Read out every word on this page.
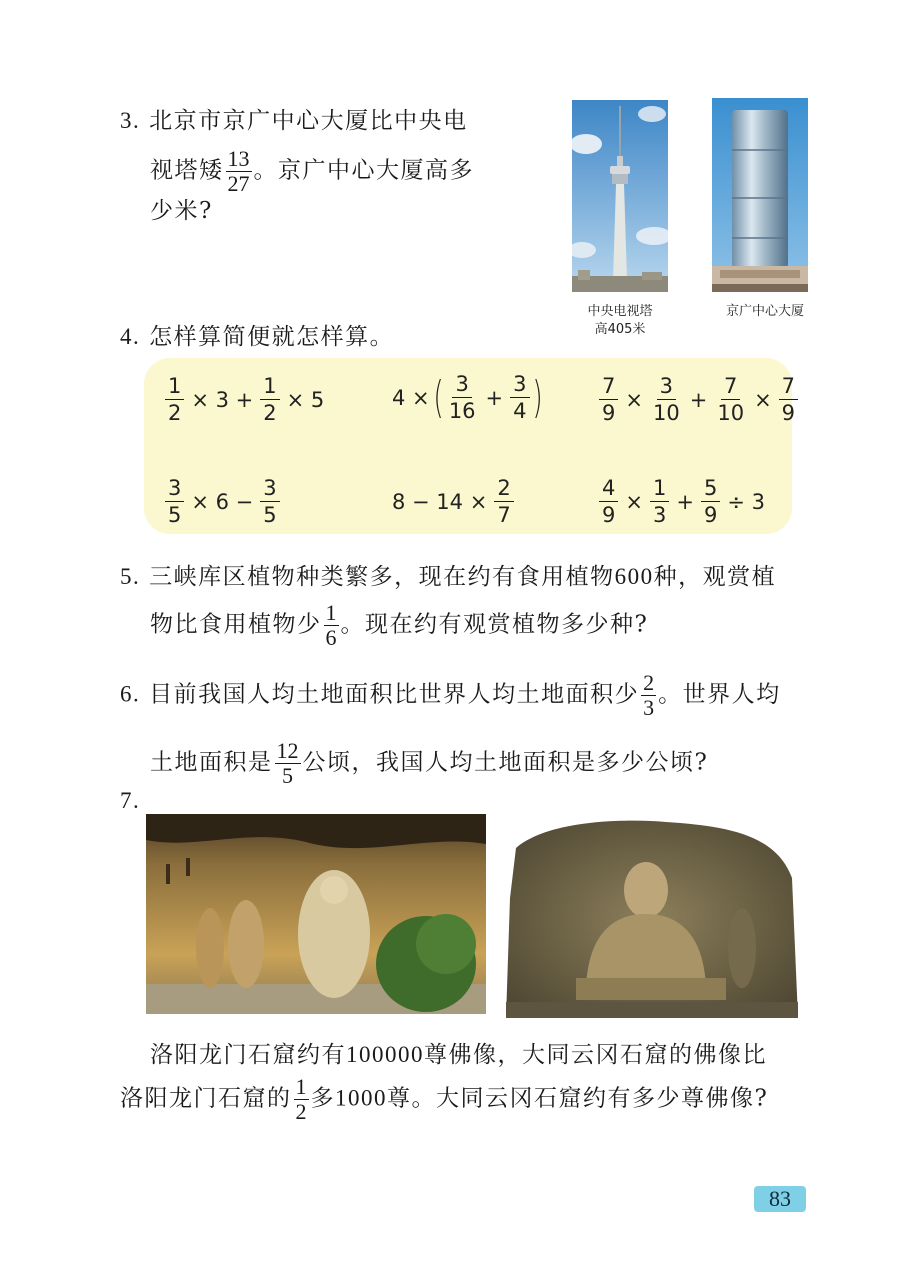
3. 北京市京广中心大厦比中央电
视塔矮 $\frac{13}{27}$ 。京广中心大厦高多
少米?
中央电视塔
高405米
京广中心大厦
4. 怎样算简便就怎样算。
$\frac{1}{2} \times 3 + \frac{1}{2} \times 5$	4 × ( $\frac{3}{16} + \frac{3}{4}$ )	$\frac{7}{9} \times \frac{3}{10} + \frac{7}{10} \times \frac{7}{9}$
$\frac{3}{5} \times 6 - \frac{3}{5}$	$8 - 14 \times \frac{2}{7}$	$\frac{4}{9} \times \frac{1}{3} + \frac{5}{9} \div 3$
5. 三峡库区植物种类繁多，现在约有食用植物600种，观赏植
物比食用植物少 $\frac{1}{6}$ 。现在约有观赏植物多少种?
6. 目前我国人均土地面积比世界人均土地面积少 $\frac{2}{3}$ 。世界人均
土地面积是 $\frac{12}{5}$ 公顷，我国人均土地面积是多少公顷?
7.
洛阳龙门石窟约有100000尊佛像，大同云冈石窟的佛像比
洛阳龙门石窟的 $\frac{1}{2}$ 多1000尊。大同云冈石窟约有多少尊佛像?
83
